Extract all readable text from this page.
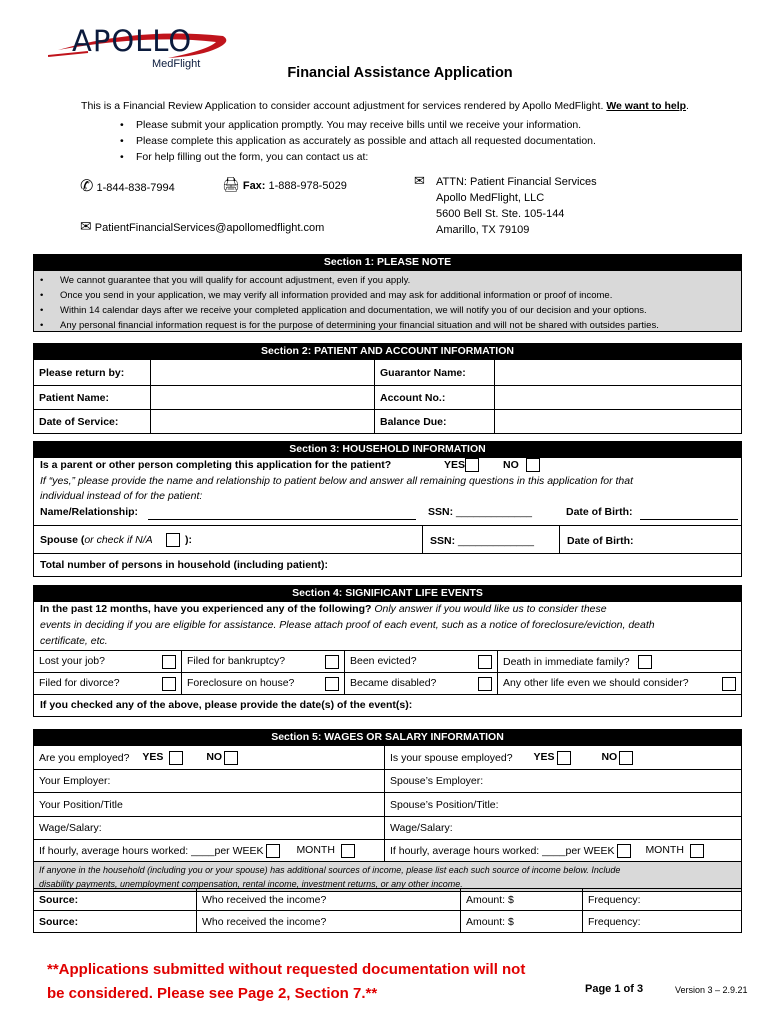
APOLLO
MedFlight
Financial Assistance Application
This is a Financial Review Application to consider account adjustment for services rendered by Apollo MedFlight. We want to help.
• Please submit your application promptly. You may receive bills until we receive your information.
• Please complete this application as accurately as possible and attach all requested documentation.
• For help filling out the form, you can contact us at:
✆ 1-844-838-7994	🖨 Fax: 1-888-978-5029
✉ PatientFinancialServices@apollomedflight.com
✉ ATTN: Patient Financial Services
Apollo MedFlight, LLC
5600 Bell St. Ste. 105-144
Amarillo, TX 79109
Section 1: PLEASE NOTE
• We cannot guarantee that you will qualify for account adjustment, even if you apply.
• Once you send in your application, we may verify all information provided and may ask for additional information or proof of income.
• Within 14 calendar days after we receive your completed application and documentation, we will notify you of our decision and your options.
• Any personal financial information request is for the purpose of determining your financial situation and will not be shared with outsides parties.
Section 2: PATIENT AND ACCOUNT INFORMATION
Please return by:		Guarantor Name:	
Patient Name:		Account No.:	
Date of Service:		Balance Due:	
Section 3: HOUSEHOLD INFORMATION
Is a parent or other person completing this application for the patient?	YES	NO
If “yes,” please provide the name and relationship to patient below and answer all remaining questions in this application for that
individual instead of for the patient:
Name/Relationship:	SSN: _____________	Date of Birth:
Spouse (or check if N/A	):	SSN: _____________	Date of Birth:
Total number of persons in household (including patient):
Section 4: SIGNIFICANT LIFE EVENTS
In the past 12 months, have you experienced any of the following? Only answer if you would like us to consider these
events in deciding if you are eligible for assistance. Please attach proof of each event, such as a notice of foreclosure/eviction, death
certificate, etc.
Lost your job?	Filed for bankruptcy?	Been evicted?	Death in immediate family?
Filed for divorce?	Foreclosure on house?	Became disabled?	Any other life even we should consider?
If you checked any of the above, please provide the date(s) of the event(s):
Section 5: WAGES OR SALARY INFORMATION
Are you employed? YES NO	Is your spouse employed? YES NO
Your Employer:	Spouse’s Employer:
Your Position/Title	Spouse’s Position/Title:
Wage/Salary:	Wage/Salary:
If hourly, average hours worked: ____per WEEK MONTH	If hourly, average hours worked: ____per WEEK MONTH

If anyone in the household (including you or your spouse) has additional sources of income, please list each such source of income below. Include
disability payments, unemployment compensation, rental income, investment returns, or any other income.	
Source:	Who received the income?	Amount: $	Frequency:
Source:	Who received the income?	Amount: $	Frequency:
**Applications submitted without requested documentation will not
be considered. Please see Page 2, Section 7.**	Page 1 of 3	Version 3 – 2.9.21
